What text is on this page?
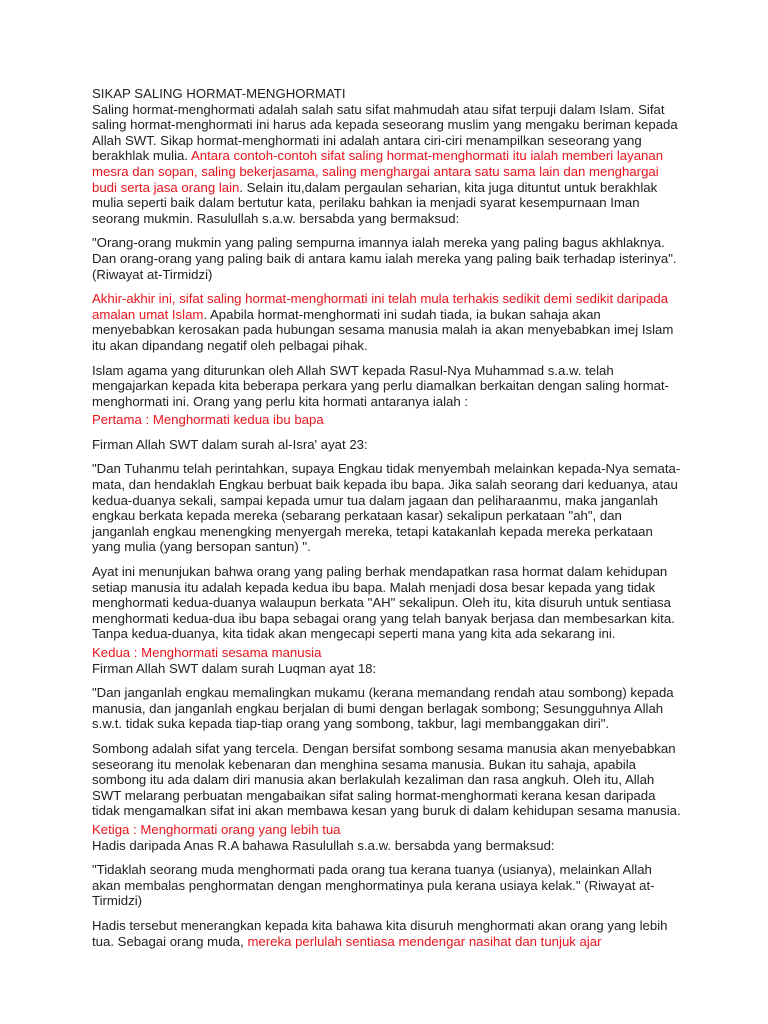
SIKAP SALING HORMAT-MENGHORMATI

Saling hormat-menghormati adalah salah satu sifat mahmudah atau sifat terpuji dalam Islam. Sifat saling hormat-menghormati ini harus ada kepada seseorang muslim yang mengaku beriman kepada Allah SWT. Sikap hormat-menghormati ini adalah antara ciri-ciri menampilkan seseorang yang berakhlak mulia. Antara contoh-contoh sifat saling hormat-menghormati itu ialah memberi layanan mesra dan sopan, saling bekerjasama, saling menghargai antara satu sama lain dan menghargai budi serta jasa orang lain. Selain itu,dalam pergaulan seharian, kita juga dituntut untuk berakhlak mulia seperti baik dalam bertutur kata, perilaku bahkan ia menjadi syarat kesempurnaan Iman seorang mukmin. Rasulullah s.a.w. bersabda yang bermaksud:

"Orang-orang mukmin yang paling sempurna imannya ialah mereka yang paling bagus akhlaknya. Dan orang-orang yang paling baik di antara kamu ialah mereka yang paling baik terhadap isterinya". (Riwayat at-Tirmidzi)

Akhir-akhir ini, sifat saling hormat-menghormati ini telah mula terhakis sedikit demi sedikit daripada amalan umat Islam. Apabila hormat-menghormati ini sudah tiada, ia bukan sahaja akan menyebabkan kerosakan pada hubungan sesama manusia malah ia akan menyebabkan imej Islam itu akan dipandang negatif oleh pelbagai pihak.

Islam agama yang diturunkan oleh Allah SWT kepada Rasul-Nya Muhammad s.a.w. telah mengajarkan kepada kita beberapa perkara yang perlu diamalkan berkaitan dengan saling hormat-menghormati ini. Orang yang perlu kita hormati antaranya ialah :

Pertama : Menghormati kedua ibu bapa

Firman Allah SWT dalam surah al-Isra' ayat 23:

"Dan Tuhanmu telah perintahkan, supaya Engkau tidak menyembah melainkan kepada-Nya semata-mata, dan hendaklah Engkau berbuat baik kepada ibu bapa. Jika salah seorang dari keduanya, atau kedua-duanya sekali, sampai kepada umur tua dalam jagaan dan peliharaanmu, maka janganlah engkau berkata kepada mereka (sebarang perkataan kasar) sekalipun perkataan "ah", dan janganlah engkau menengking menyergah mereka, tetapi katakanlah kepada mereka perkataan yang mulia (yang bersopan santun) ".

Ayat ini menunjukan bahwa orang yang paling berhak mendapatkan rasa hormat dalam kehidupan setiap manusia itu adalah kepada kedua ibu bapa. Malah menjadi dosa besar kepada yang tidak menghormati kedua-duanya walaupun berkata "AH" sekalipun. Oleh itu, kita disuruh untuk sentiasa menghormati kedua-dua ibu bapa sebagai orang yang telah banyak berjasa dan membesarkan kita. Tanpa kedua-duanya, kita tidak akan mengecapi seperti mana yang kita ada sekarang ini.

Kedua : Menghormati sesama manusia

Firman Allah SWT dalam surah Luqman ayat 18:

"Dan janganlah engkau memalingkan mukamu (kerana memandang rendah atau sombong) kepada manusia, dan janganlah engkau berjalan di bumi dengan berlagak sombong; Sesungguhnya Allah s.w.t. tidak suka kepada tiap-tiap orang yang sombong, takbur, lagi membanggakan diri".

Sombong adalah sifat yang tercela. Dengan bersifat sombong sesama manusia akan menyebabkan seseorang itu menolak kebenaran dan menghina sesama manusia. Bukan itu sahaja, apabila sombong itu ada dalam diri manusia akan berlakulah kezaliman dan rasa angkuh. Oleh itu, Allah SWT melarang perbuatan mengabaikan sifat saling hormat-menghormati kerana kesan daripada tidak mengamalkan sifat ini akan membawa kesan yang buruk di dalam kehidupan sesama manusia.

Ketiga : Menghormati orang yang lebih tua

Hadis daripada Anas R.A bahawa Rasulullah s.a.w. bersabda yang bermaksud:

"Tidaklah seorang muda menghormati pada orang tua kerana tuanya (usianya), melainkan Allah akan membalas penghormatan dengan menghormatinya pula kerana usiaya kelak." (Riwayat at-Tirmidzi)

Hadis tersebut menerangkan kepada kita bahawa kita disuruh menghormati akan orang yang lebih tua. Sebagai orang muda, mereka perlulah sentiasa mendengar nasihat dan tunjuk ajar
